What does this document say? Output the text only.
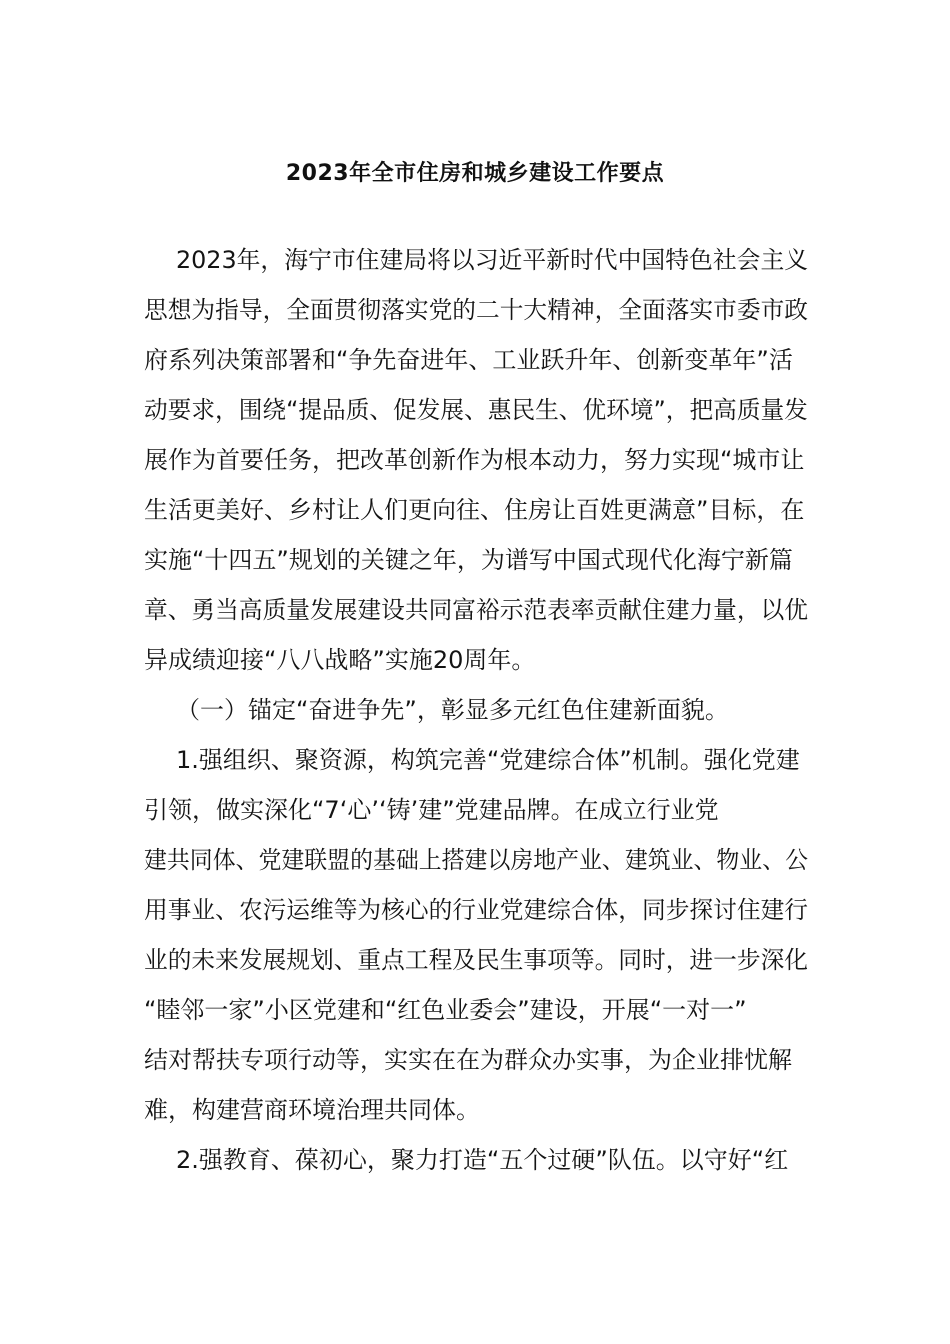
2023年全市住房和城乡建设工作要点
2023年，海宁市住建局将以习近平新时代中国特色社会主义
思想为指导，全面贯彻落实党的二十大精神，全面落实市委市政
府系列决策部署和“争先奋进年、工业跃升年、创新变革年”活
动要求，围绕“提品质、促发展、惠民生、优环境”，把高质量发
展作为首要任务，把改革创新作为根本动力，努力实现“城市让
生活更美好、乡村让人们更向往、住房让百姓更满意”目标，在
实施“十四五”规划的关键之年，为谱写中国式现代化海宁新篇
章、勇当高质量发展建设共同富裕示范表率贡献住建力量，以优
异成绩迎接“八八战略”实施20周年。
（一）锚定“奋进争先”，彰显多元红色住建新面貌。
1.强组织、聚资源，构筑完善“党建综合体”机制。强化党建
引领，做实深化“7‘心’‘铸’建”党建品牌。在成立行业党
建共同体、党建联盟的基础上搭建以房地产业、建筑业、物业、公
用事业、农污运维等为核心的行业党建综合体，同步探讨住建行
业的未来发展规划、重点工程及民生事项等。同时，进一步深化
“睦邻一家”小区党建和“红色业委会”建设，开展“一对一”
结对帮扶专项行动等，实实在在为群众办实事，为企业排忧解
难，构建营商环境治理共同体。
2.强教育、葆初心，聚力打造“五个过硬”队伍。以守好“红
